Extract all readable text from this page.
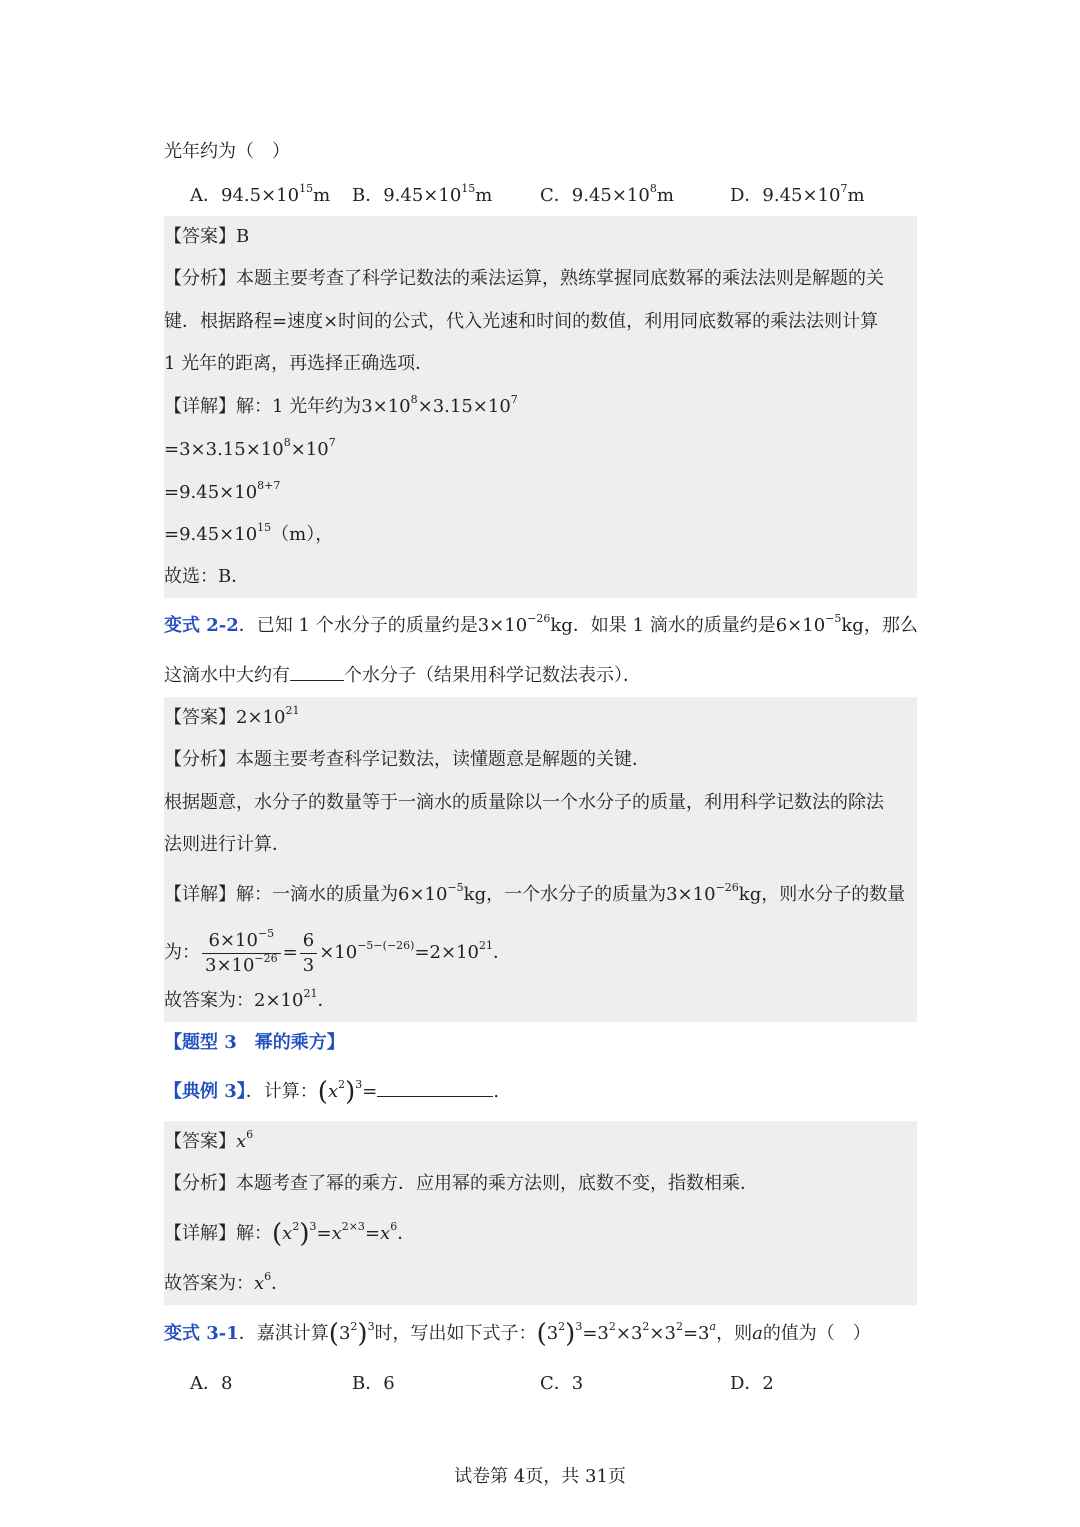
光年约为（　）
A．$94.5\times 10^{15}m$ B．$9.45\times 10^{15}m$	C．$9.45\times 10^8m$	D．$9.45\times 10^7m$
【答案】B
【分析】本题主要考查了科学记数法的乘法运算，熟练掌握同底数幂的乘法法则是解题的关
键．根据路程=速度×时间的公式，代入光速和时间的数值，利用同底数幂的乘法法则计算
1 光年的距离，再选择正确选项．
【详解】解：1 光年约为$3\times 10^8\times 3.15\times 10^7$
$=3\times 3.15\times 10^8\times 10^7$
$=9.45\times 10^{8+7}$
$=9.45\times 10^{15}(m)$，
故选：B．
变式 2-2．已知 1 个水分子的质量约是$3\times 10^{-26}kg$．如果 1 滴水的质量约是$6\times 10^{-5}kg$，那么
这滴水中大约有	个水分子（结果用科学记数法表示）．
【答案】$2\times 10^{21}$
【分析】本题主要考查科学记数法，读懂题意是解题的关键．
根据题意，水分子的数量等于一滴水的质量除以一个水分子的质量，利用科学记数法的除法
法则进行计算．
【详解】解：一滴水的质量为$6\times 10^{-5}kg$，一个水分子的质量为$3\times 10^{-26}kg$，则水分子的数量
为： $\frac{6\times 10^{-5}}{3\times 10^{-26}} = \frac{6}{3} \times 10^{-5-(-26)}=2\times 10^{21}$．
故答案为：$2\times 10^{21}$．
【题型 3　幂的乘方】
【典例 3】．计算：$(x^2)^3=$	.
【答案】$x^6$
【分析】本题考查了幂的乘方．应用幂的乘方法则，底数不变，指数相乘．
【详解】解：$(x^2)^3=x^{2\times 3}=x^6$．
故答案为：$x^6$．
变式 3-1．嘉淇计算$(3^2)^3$时，写出如下式子：$(3^2)^3=3^2\times 3^2\times 3^2=3^a$，则a的值为（　）
A．8	B．6	C．3	D．2
试卷第 4页，共 31页
